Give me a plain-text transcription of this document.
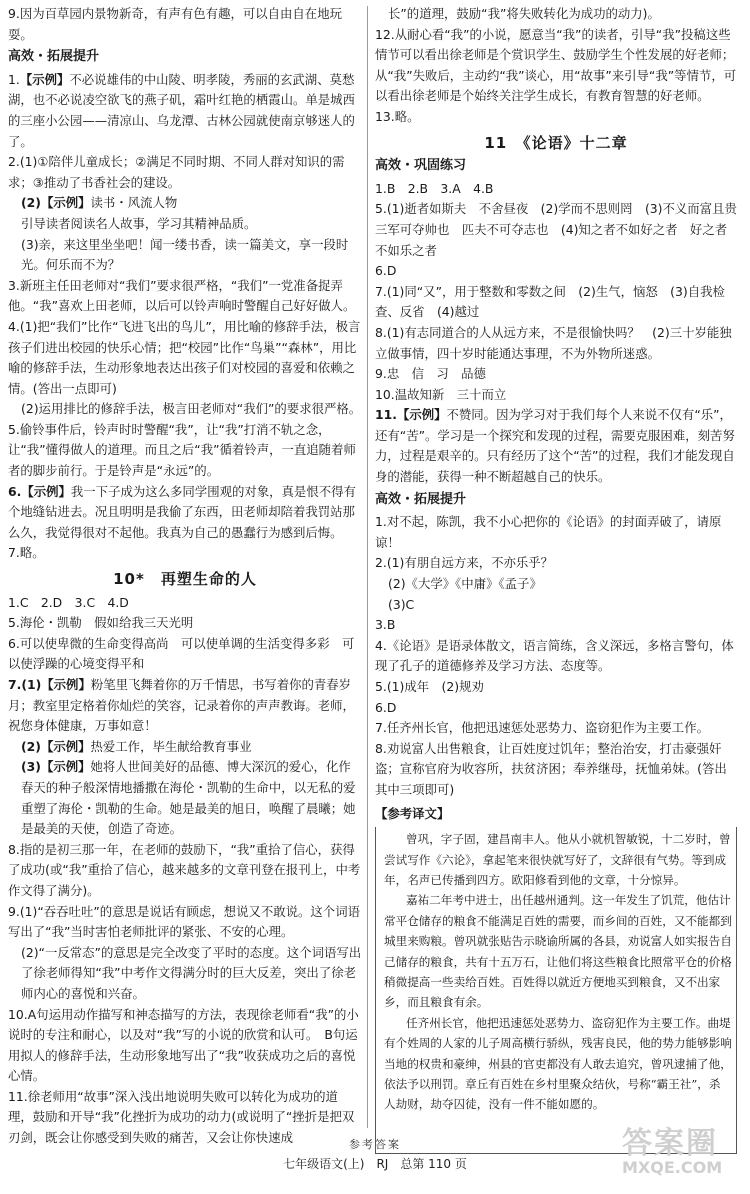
9.因为百草园内景物新奇，有声有色有趣，可以自由自在地玩耍。

高效・拓展提升

1.【示例】不必说雄伟的中山陵、明孝陵，秀丽的玄武湖、莫愁湖，也不必说凌空欲飞的燕子矶，霜叶红艳的栖霞山。单是城西的三座小公园——清凉山、乌龙潭、古林公园就使南京够迷人的了。

2.(1)①陪伴儿童成长；②满足不同时期、不同人群对知识的需求；③推动了书香社会的建设。

(2)【示例】读书・风流人物

引导读者阅读名人故事，学习其精神品质。

(3)亲，来这里坐坐吧！闻一缕书香，读一篇美文，享一段时光。何乐而不为？

3.新班主任田老师对“我们”要求很严格，“我们”一党准备捉弄他。“我”喜欢上田老师，以后可以铃声响时警醒自己好好做人。

4.(1)把“我们”比作“飞进飞出的鸟儿”，用比喻的修辞手法，极言孩子们进出校园的快乐心情；把“校园”比作“鸟巢”“森林”，用比喻的修辞手法，生动形象地表达出孩子们对校园的喜爱和依赖之情。(答出一点即可)

(2)运用排比的修辞手法，极言田老师对“我们”的要求很严格。

5.偷铃事件后，铃声时时警醒“我”，让“我”打消不轨之念，让“我”懂得做人的道理。而且之后“我”循着铃声，一直追随着师者的脚步前行。于是铃声是“永远”的。

6.【示例】我一下子成为这么多同学围观的对象，真是恨不得有个地缝钻进去。况且明明是我偷了东西，田老师却陪着我罚站那么久，我觉得很对不起他。我真为自己的愚蠢行为感到后悔。

7.略。

10*　再塑生命的人

1.C　2.D　3.C　4.D

5.海伦・凯勒　假如给我三天光明

6.可以使卑微的生命变得高尚　可以使单调的生活变得多彩　可以使浮躁的心境变得平和

7.(1)【示例】粉笔里飞舞着你的万千情思，书写着你的青春岁月；教室里定格着你灿烂的笑容，记录着你的声声教诲。老师，祝您身体健康，万事如意！

(2)【示例】热爱工作，毕生献给教育事业

(3)【示例】她将人世间美好的品德、博大深沉的爱心，化作春天的种子般深情地播撒在海伦・凯勒的生命中，以无私的爱重塑了海伦・凯勒的生命。她是最美的旭日，唤醒了晨曦；她是最美的天使，创造了奇迹。

8.指的是初三那一年，在老师的鼓励下，“我”重拾了信心，获得了成功(或“我”重拾了信心，越来越多的文章刊登在报刊上，中考作文得了满分)。

9.(1)“吞吞吐吐”的意思是说话有顾虑，想说又不敢说。这个词语写出了“我”当时害怕老师批评的紧张、不安的心理。

(2)“一反常态”的意思是完全改变了平时的态度。这个词语写出了徐老师得知“我”中考作文得满分时的巨大反差，突出了徐老师内心的喜悦和兴奋。

10.A句运用动作描写和神态描写的方法，表现徐老师看“我”的小说时的专注和耐心，以及对“我”写的小说的欣赏和认可。　B句运用拟人的修辞手法，生动形象地写出了“我”收获成功之后的喜悦心情。

11.徐老师用“故事”深入浅出地说明失败可以转化为成功的道理，鼓励和开导“我”化挫折为成功的动力(或说明了“挫折是把双刃剑，既会让你感受到失败的痛苦，又会让你快速成

长”的道理，鼓励“我”将失败转化为成功的动力)。

12.从耐心看“我”的小说，愿意当“我”的读者，引导“我”投稿这些情节可以看出徐老师是个赏识学生、鼓励学生个性发展的好老师；从“我”失败后，主动约“我”谈心，用“故事”来引导“我”等情节，可以看出徐老师是个始终关注学生成长，有教育智慧的好老师。

13.略。

11　《论语》十二章

高效・巩固练习

1.B　2.B　3.A　4.B

5.(1)逝者如斯夫　不舍昼夜　(2)学而不思则罔　(3)不义而富且贵　三军可夺帅也　匹夫不可夺志也　(4)知之者不如好之者　好之者不如乐之者

6.D

7.(1)同“又”，用于整数和零数之间　(2)生气，恼怒　(3)自我检查、反省　(4)越过

8.(1)有志同道合的人从远方来，不是很愉快吗？　(2)三十岁能独立做事情，四十岁时能通达事理，不为外物所迷惑。

9.忠　信　习　品德

10.温故知新　三十而立

11.【示例】不赞同。因为学习对于我们每个人来说不仅有“乐”，还有“苦”。学习是一个探究和发现的过程，需要克服困难，刻苦努力，过程是艰辛的。只有经历了这个“苦”的过程，我们才能发现自身的潜能，获得一种不断超越自己的快乐。

高效・拓展提升

1.对不起，陈凯，我不小心把你的《论语》的封面弄破了，请原谅！

2.(1)有朋自远方来，不亦乐乎？

(2)《大学》《中庸》《孟子》

(3)C

3.B

4.《论语》是语录体散文，语言简练，含义深远，多格言警句，体现了孔子的道德修养及学习方法、态度等。

5.(1)成年　(2)规劝

6.D

7.任齐州长官，他把迅速惩处恶势力、盗窃犯作为主要工作。

8.劝说富人出售粮食，让百姓度过饥年；整治治安，打击豪强奸盗；宣称官府为收容所，扶贫济困；奉养继母，抚恤弟妹。(答出其中三项即可)

【参考译文】

曾巩，字子固，建昌南丰人。他从小就机智敏锐，十二岁时，曾尝试写作《六论》，拿起笔来很快就写好了，文辞很有气势。等到成年，名声已传播到四方。欧阳修看到他的文章，十分惊异。

嘉祐二年考中进士，出任越州通判。这一年发生了饥荒，他估计常平仓储存的粮食不能满足百姓的需要，而乡间的百姓，又不能都到城里来购粮。曾巩就张贴告示晓谕所属的各县，劝说富人如实报告自己储存的粮食，共有十五万石，让他们将这些粮食比照常平仓的价格稍微提高一些卖给百姓。百姓得以就近方便地买到粮食，又不出家乡，而且粮食有余。

任齐州长官，他把迅速惩处恶势力、盗窃犯作为主要工作。曲堤有个姓周的人家的儿子周高横行骄纵，残害良民，他的势力能够影响当地的权贵和豪绅，州县的官吏都没有人敢去追究，曾巩逮捕了他，依法予以刑罚。章丘有百姓在乡村里聚众结伙，号称“霸王社”，杀人劫财，劫夺囚徒，没有一件不能如愿的。

参考答案
七年级语文(上)　RJ　总第 110 页
答案圈
MXQE.COM
